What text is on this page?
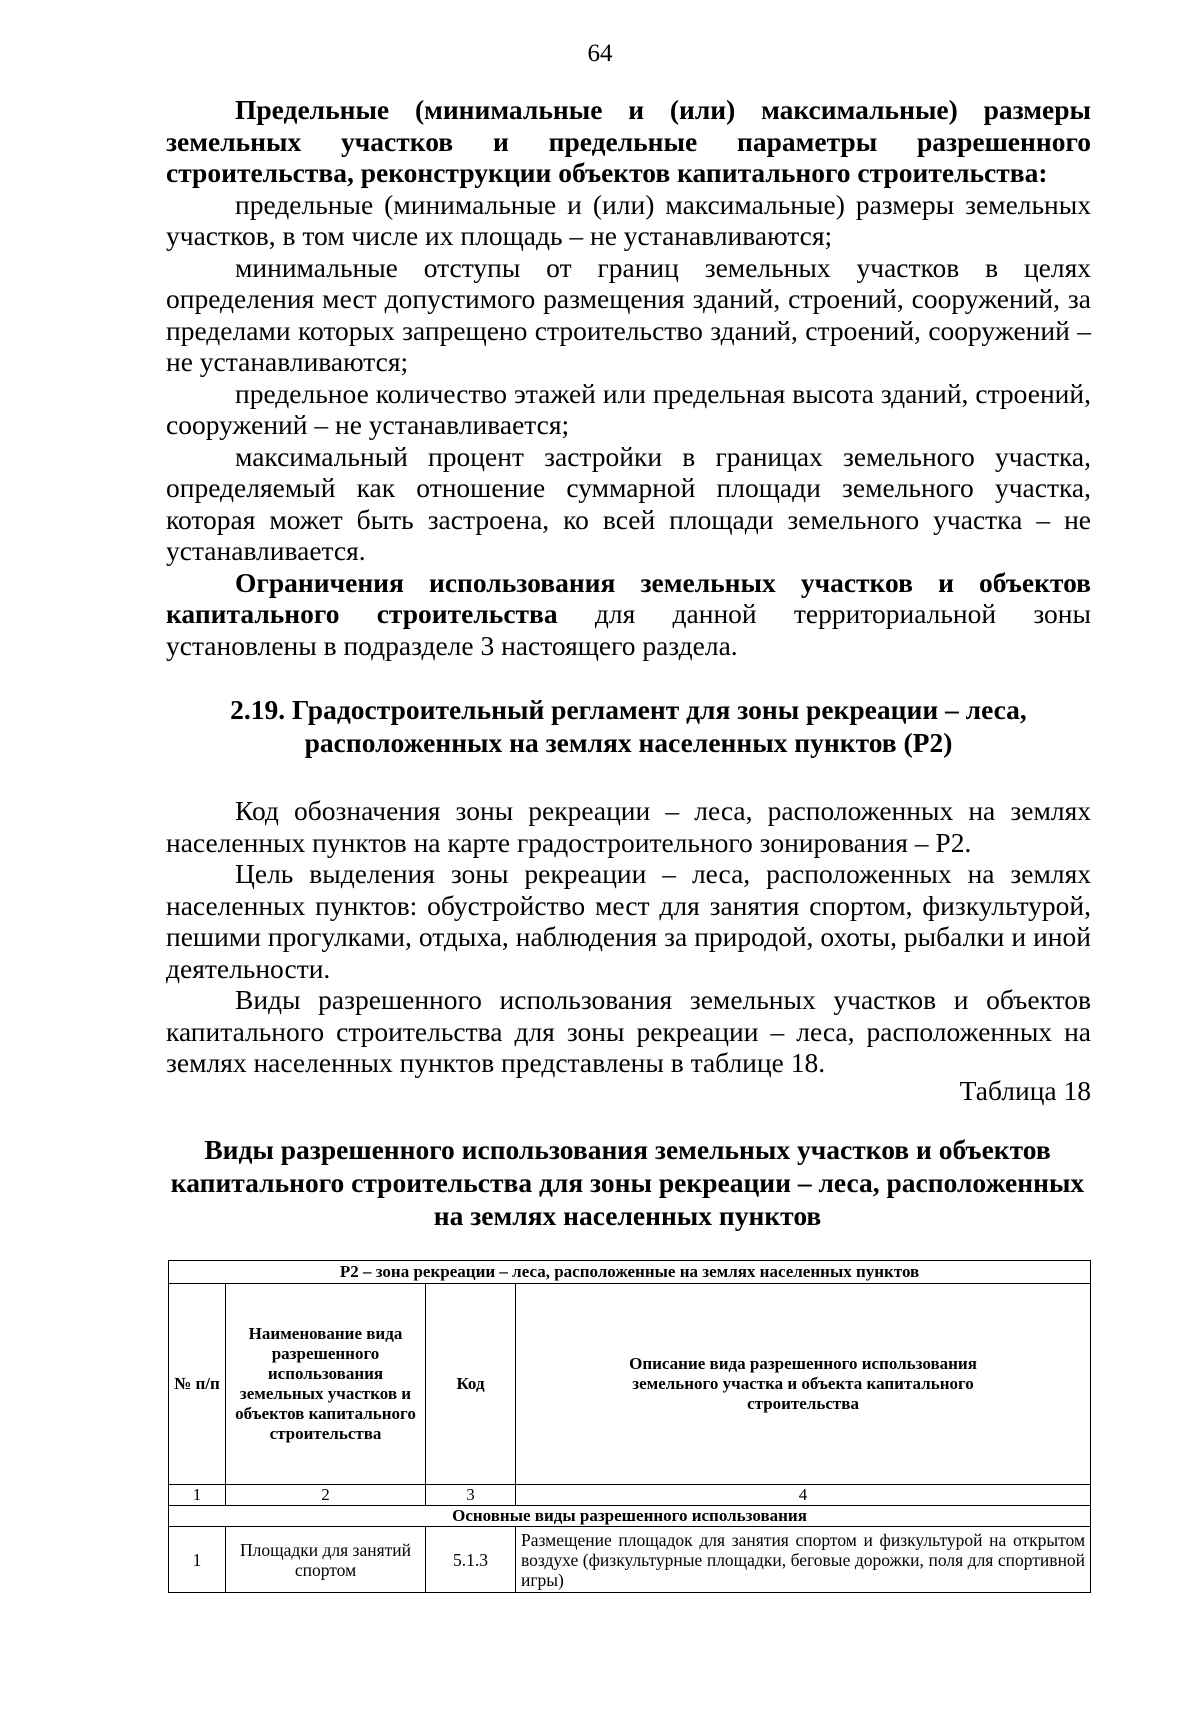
64

Предельные (минимальные и (или) максимальные) размеры земельных участков и предельные параметры разрешенного строительства, реконструкции объектов капитального строительства:

предельные (минимальные и (или) максимальные) размеры земельных участков, в том числе их площадь – не устанавливаются;

минимальные отступы от границ земельных участков в целях определения мест допустимого размещения зданий, строений, сооружений, за пределами которых запрещено строительство зданий, строений, сооружений – не устанавливаются;

предельное количество этажей или предельная высота зданий, строений, сооружений – не устанавливается;

максимальный процент застройки в границах земельного участка, определяемый как отношение суммарной площади земельного участка, которая может быть застроена, ко всей площади земельного участка – не устанавливается.

Ограничения использования земельных участков и объектов капитального строительства для данной территориальной зоны установлены в подразделе 3 настоящего раздела.

2.19. Градостроительный регламент для зоны рекреации – леса, расположенных на землях населенных пунктов (Р2)

Код обозначения зоны рекреации – леса, расположенных на землях населенных пунктов на карте градостроительного зонирования – Р2.

Цель выделения зоны рекреации – леса, расположенных на землях населенных пунктов: обустройство мест для занятия спортом, физкультурой, пешими прогулками, отдыха, наблюдения за природой, охоты, рыбалки и иной деятельности.

Виды разрешенного использования земельных участков и объектов капитального строительства для зоны рекреации – леса, расположенных на землях населенных пунктов представлены в таблице 18.

Таблица 18
Виды разрешенного использования земельных участков и объектов капитального строительства для зоны рекреации – леса, расположенных на землях населенных пунктов
Р2 – зона рекреации – леса, расположенные на землях населенных пунктов			
№ п/п	Наименование вида разрешенного использования земельных участков и объектов капитального строительства	Код	Описание вида разрешенного использования земельного участка и объекта капитального строительства
1	2	3	4
Основные виды разрешенного использования			
1	Площадки для занятий спортом	5.1.3	Размещение площадок для занятия спортом и физкультурой на открытом воздухе (физкультурные площадки, беговые дорожки, поля для спортивной игры)
